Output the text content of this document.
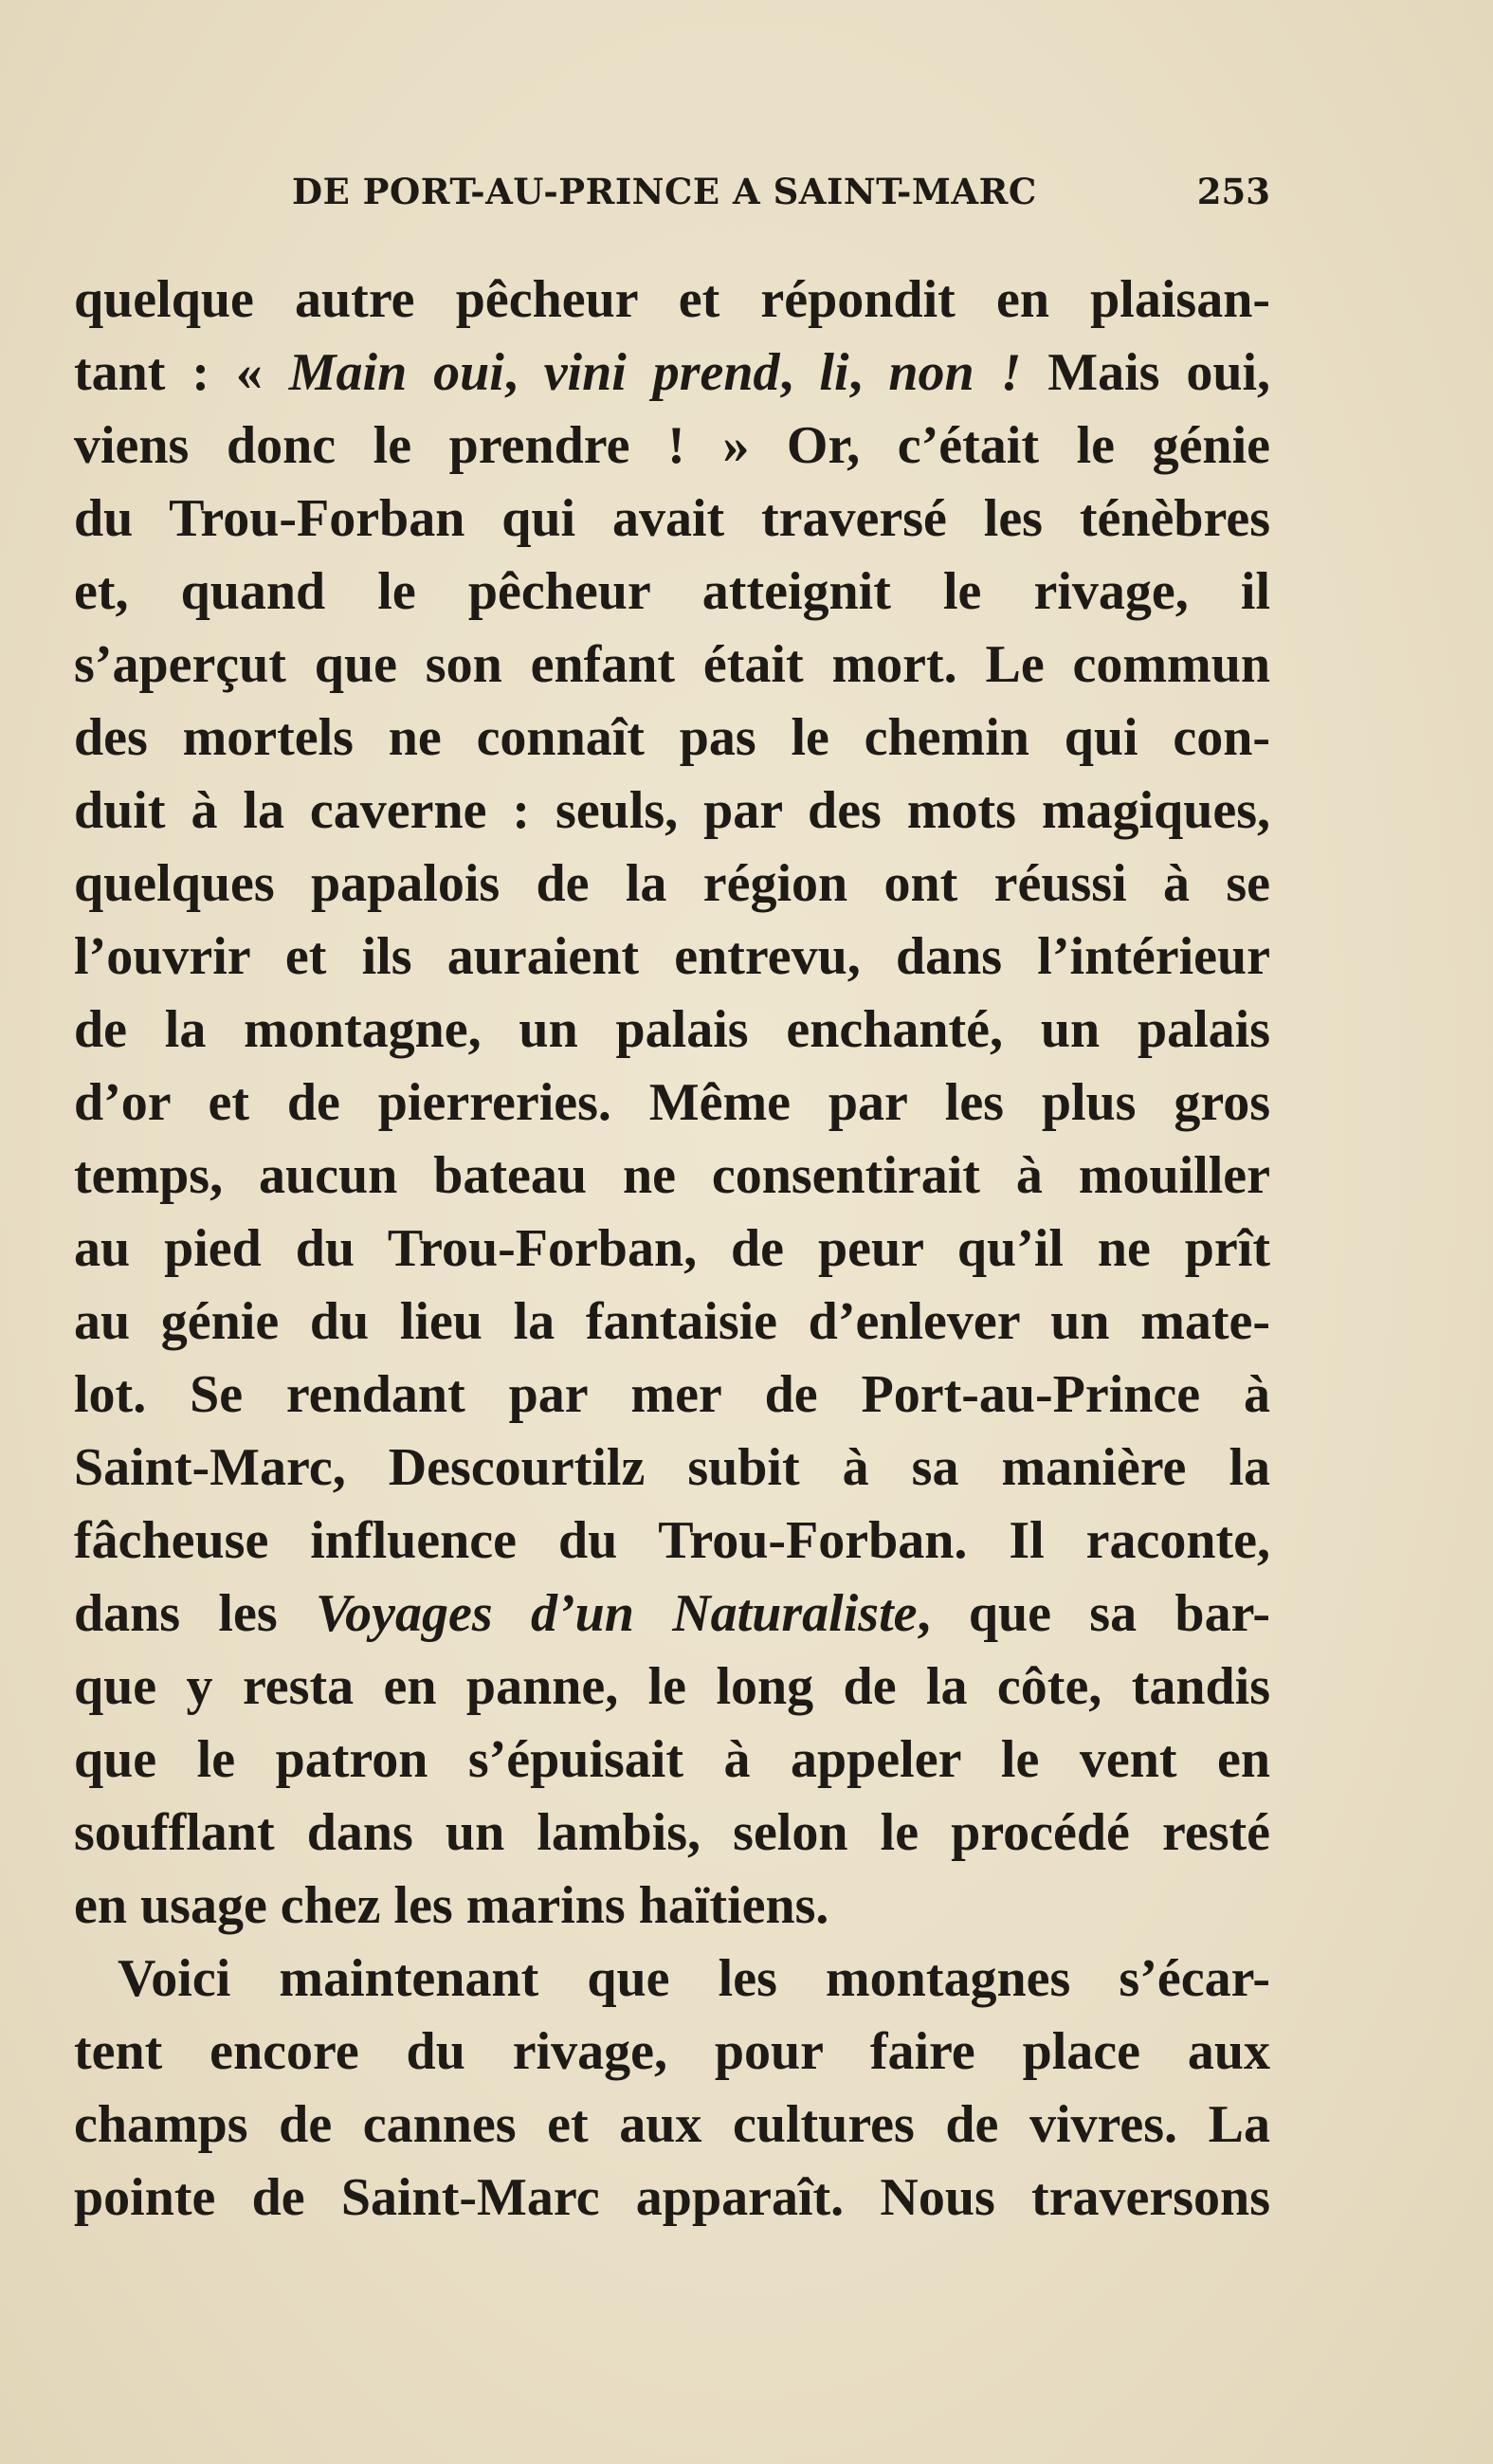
DE PORT-AU-PRINCE A SAINT-MARC	253
quelque autre pêcheur et répondit en plaisan-
tant : « Main oui, vini prend, li, non ! Mais oui,
viens donc le prendre ! » Or, c’était le génie
du Trou-Forban qui avait traversé les ténèbres
et, quand le pêcheur atteignit le rivage, il
s’aperçut que son enfant était mort. Le commun
des mortels ne connaît pas le chemin qui con-
duit à la caverne : seuls, par des mots magiques,
quelques papalois de la région ont réussi à se
l’ouvrir et ils auraient entrevu, dans l’intérieur
de la montagne, un palais enchanté, un palais
d’or et de pierreries. Même par les plus gros
temps, aucun bateau ne consentirait à mouiller
au pied du Trou-Forban, de peur qu’il ne prît
au génie du lieu la fantaisie d’enlever un mate-
lot. Se rendant par mer de Port-au-Prince à
Saint-Marc, Descourtilz subit à sa manière la
fâcheuse influence du Trou-Forban. Il raconte,
dans les Voyages d’un Naturaliste, que sa bar-
que y resta en panne, le long de la côte, tandis
que le patron s’épuisait à appeler le vent en
soufflant dans un lambis, selon le procédé resté
en usage chez les marins haïtiens.
Voici maintenant que les montagnes s’écar-
tent encore du rivage, pour faire place aux
champs de cannes et aux cultures de vivres. La
pointe de Saint-Marc apparaît. Nous traversons
